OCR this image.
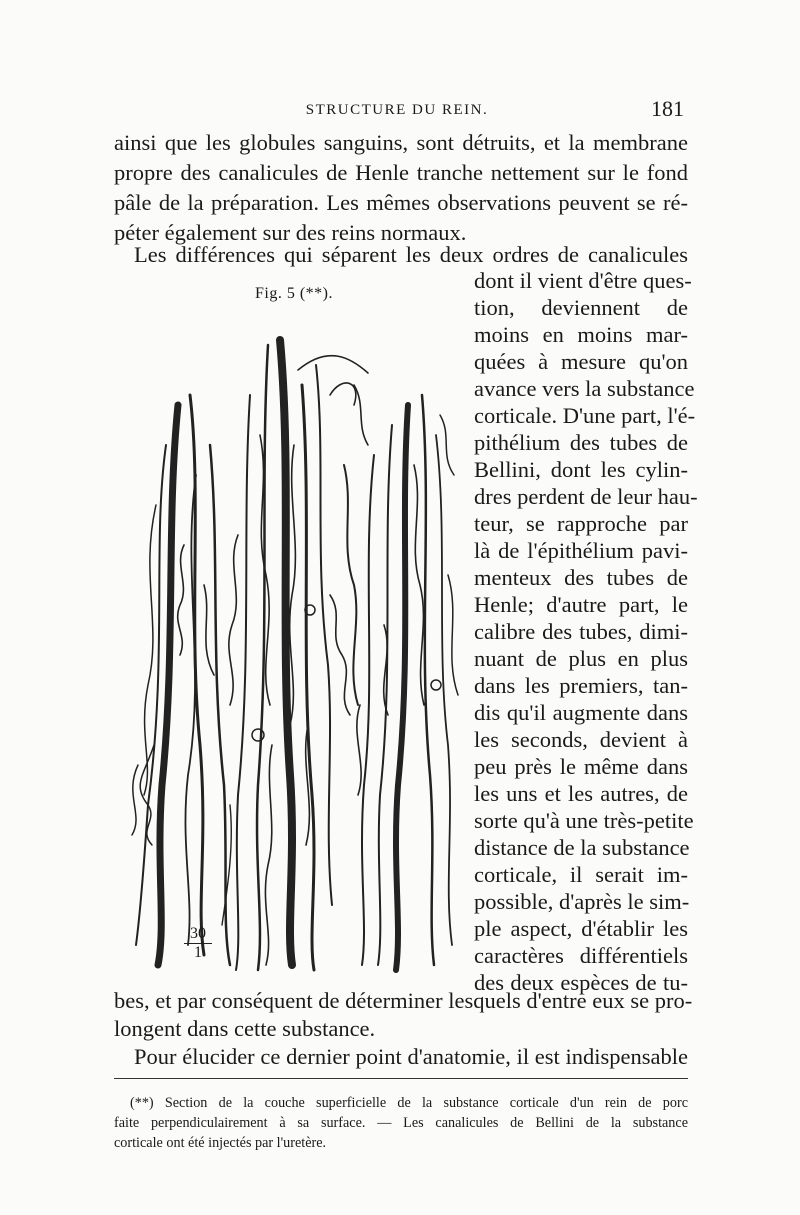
STRUCTURE DU REIN.	181
ainsi que les globules sanguins, sont détruits, et la membrane
propre des canalicules de Henle tranche nettement sur le fond
pâle de la préparation. Les mêmes observations peuvent se ré-
péter également sur des reins normaux.
Les différences qui séparent les deux ordres de canalicules
Fig. 5 (**).
$\frac{30}{1}$
dont il vient d'être ques-
tion, deviennent de
moins en moins mar-
quées à mesure qu'on
avance vers la substance
corticale. D'une part, l'é-
pithélium des tubes de
Bellini, dont les cylin-
dres perdent de leur hau-
teur, se rapproche par
là de l'épithélium pavi-
menteux des tubes de
Henle; d'autre part, le
calibre des tubes, dimi-
nuant de plus en plus
dans les premiers, tan-
dis qu'il augmente dans
les seconds, devient à
peu près le même dans
les uns et les autres, de
sorte qu'à une très-petite
distance de la substance
corticale, il serait im-
possible, d'après le sim-
ple aspect, d'établir les
caractères différentiels
des deux espèces de tu-
bes, et par conséquent de déterminer lesquels d'entre eux se pro-
longent dans cette substance.
Pour élucider ce dernier point d'anatomie, il est indispensable
(**) Section de la couche superficielle de la substance corticale d'un rein de porc
faite perpendiculairement à sa surface. — Les canalicules de Bellini de la substance
corticale ont été injectés par l'uretère.
